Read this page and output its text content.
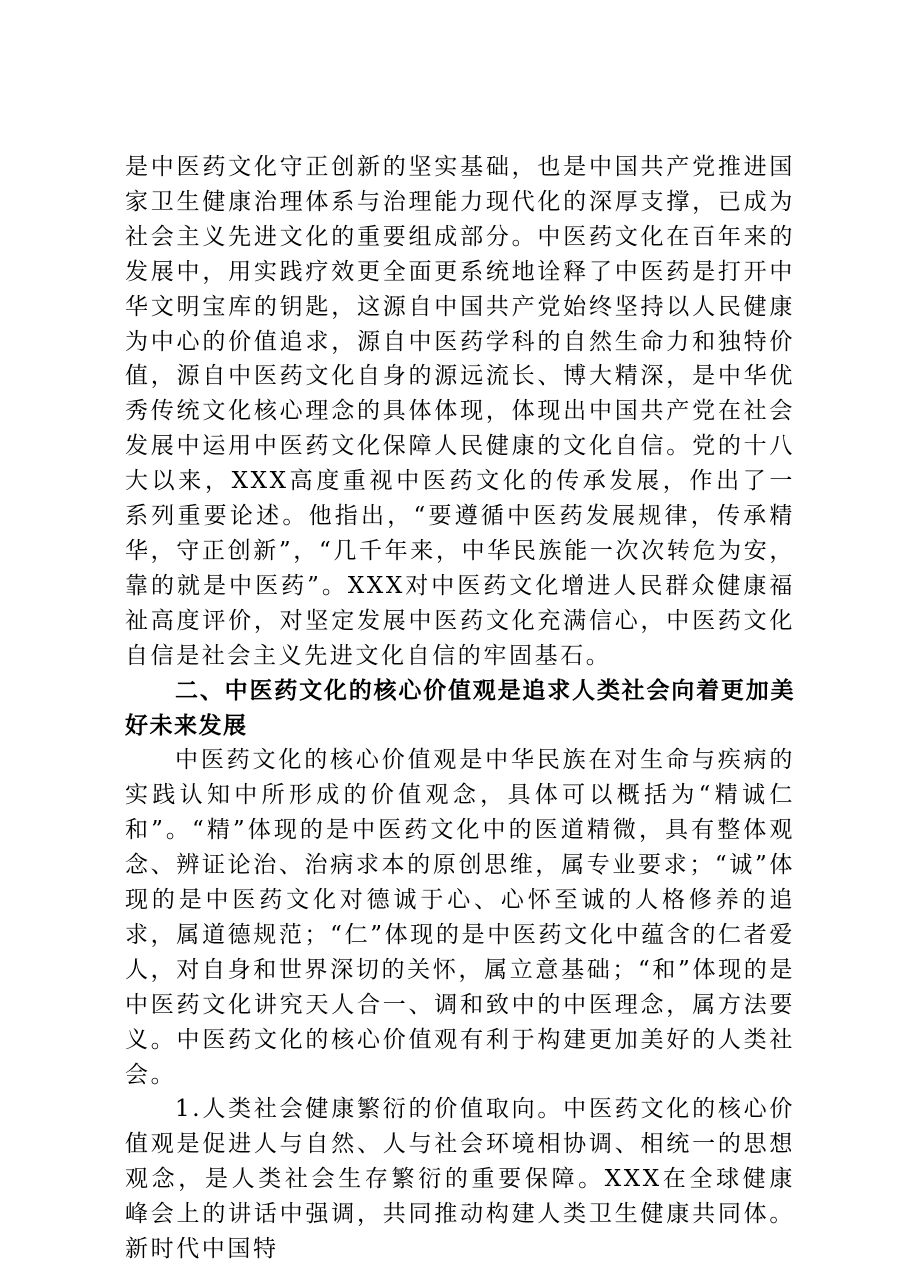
是中医药文化守正创新的坚实基础，也是中国共产党推进国家卫生健康治理体系与治理能力现代化的深厚支撑，已成为社会主义先进文化的重要组成部分。中医药文化在百年来的发展中，用实践疗效更全面更系统地诠释了中医药是打开中华文明宝库的钥匙，这源自中国共产党始终坚持以人民健康为中心的价值追求，源自中医药学科的自然生命力和独特价值，源自中医药文化自身的源远流长、博大精深，是中华优秀传统文化核心理念的具体体现，体现出中国共产党在社会发展中运用中医药文化保障人民健康的文化自信。党的十八大以来，XXX高度重视中医药文化的传承发展，作出了一系列重要论述。他指出，“要遵循中医药发展规律，传承精华，守正创新”，“几千年来，中华民族能一次次转危为安，靠的就是中医药”。XXX对中医药文化增进人民群众健康福祉高度评价，对坚定发展中医药文化充满信心，中医药文化自信是社会主义先进文化自信的牢固基石。

二、中医药文化的核心价值观是追求人类社会向着更加美好未来发展

中医药文化的核心价值观是中华民族在对生命与疾病的实践认知中所形成的价值观念，具体可以概括为“精诚仁和”。“精”体现的是中医药文化中的医道精微，具有整体观念、辨证论治、治病求本的原创思维，属专业要求；“诚”体现的是中医药文化对德诚于心、心怀至诚的人格修养的追求，属道德规范；“仁”体现的是中医药文化中蕴含的仁者爱人，对自身和世界深切的关怀，属立意基础；“和”体现的是中医药文化讲究天人合一、调和致中的中医理念，属方法要义。中医药文化的核心价值观有利于构建更加美好的人类社会。

1.人类社会健康繁衍的价值取向。中医药文化的核心价值观是促进人与自然、人与社会环境相协调、相统一的思想观念，是人类社会生存繁衍的重要保障。XXX在全球健康峰会上的讲话中强调，共同推动构建人类卫生健康共同体。新时代中国特
